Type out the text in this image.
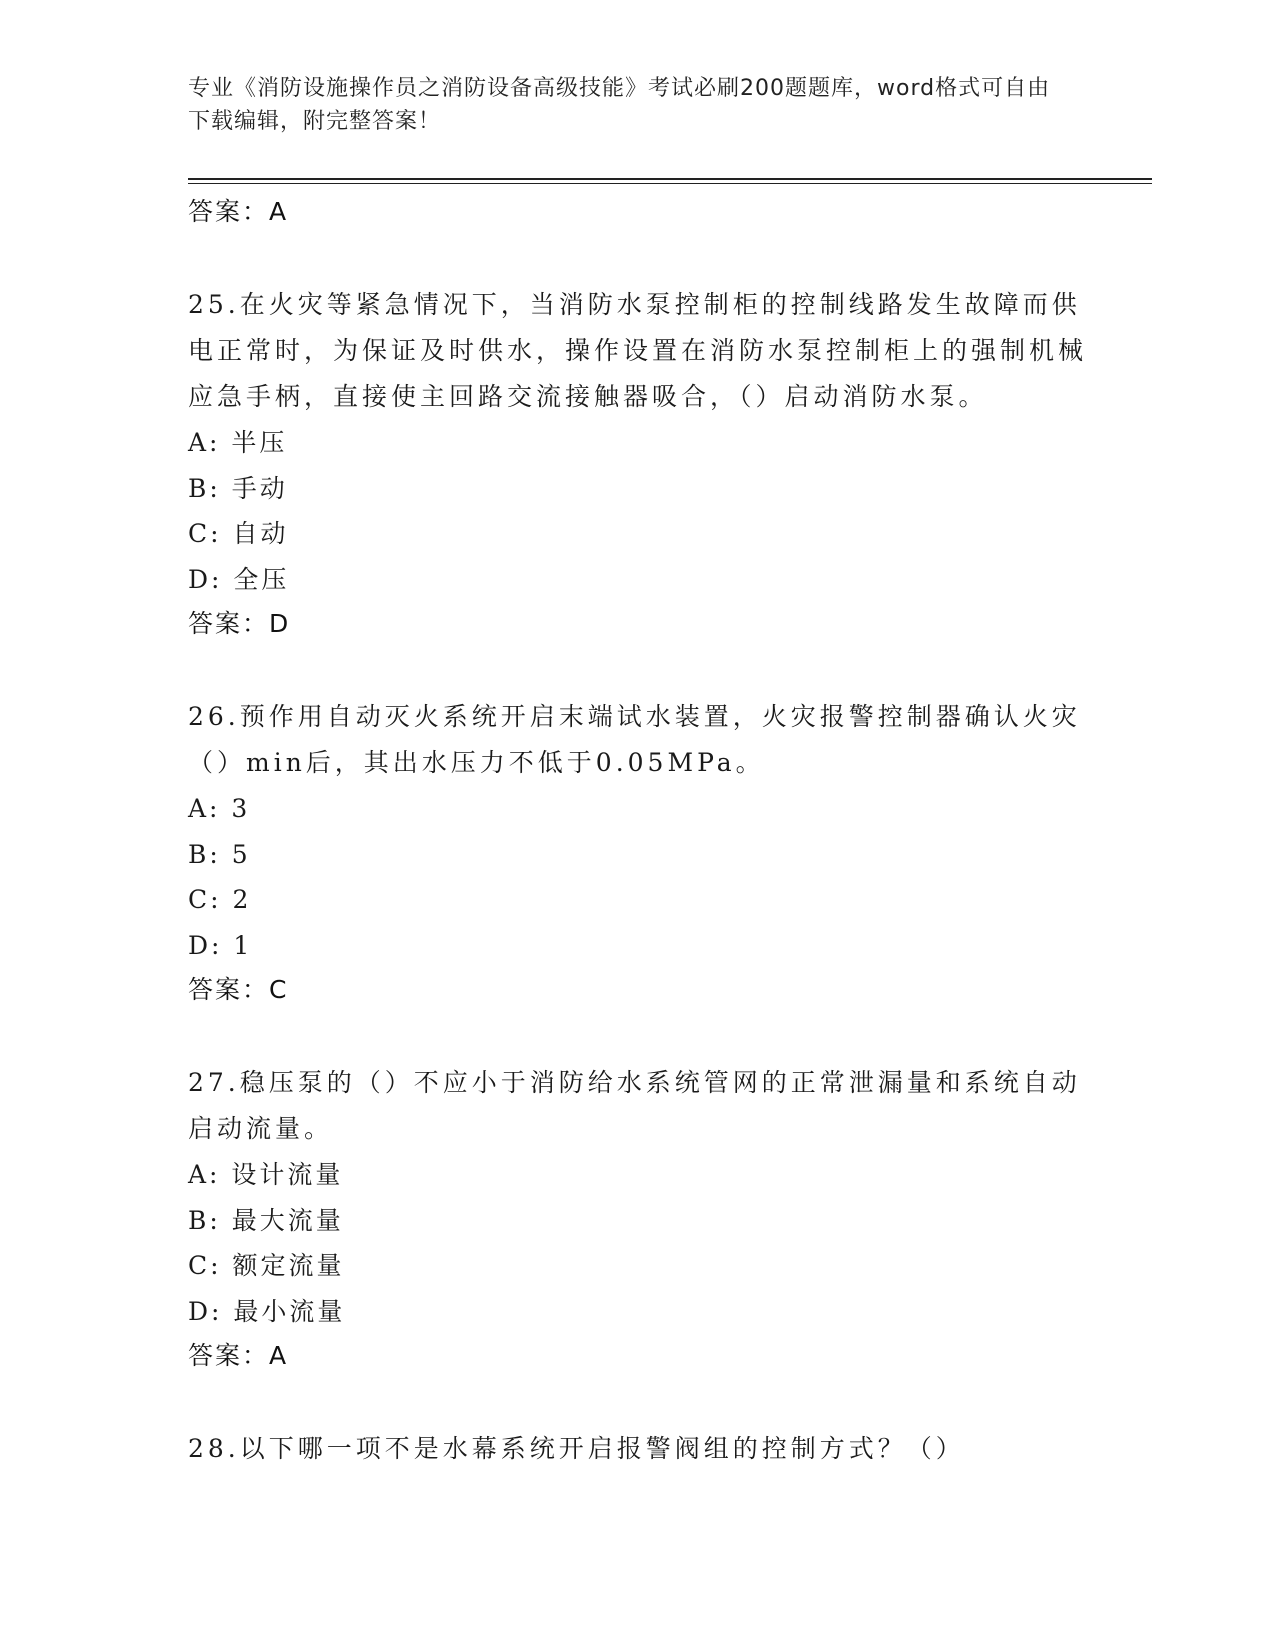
专业《消防设施操作员之消防设备高级技能》考试必刷200题题库，word格式可自由下载编辑，附完整答案！
答案：A
25.在火灾等紧急情况下，当消防水泵控制柜的控制线路发生故障而供电正常时，为保证及时供水，操作设置在消防水泵控制柜上的强制机械应急手柄，直接使主回路交流接触器吸合，（）启动消防水泵。
A: 半压
B: 手动
C: 自动
D: 全压
答案：D
26.预作用自动灭火系统开启末端试水装置，火灾报警控制器确认火灾（）min后，其出水压力不低于0.05MPa。
A: 3
B: 5
C: 2
D: 1
答案：C
27.稳压泵的（）不应小于消防给水系统管网的正常泄漏量和系统自动启动流量。
A: 设计流量
B: 最大流量
C: 额定流量
D: 最小流量
答案：A
28.以下哪一项不是水幕系统开启报警阀组的控制方式？（）
